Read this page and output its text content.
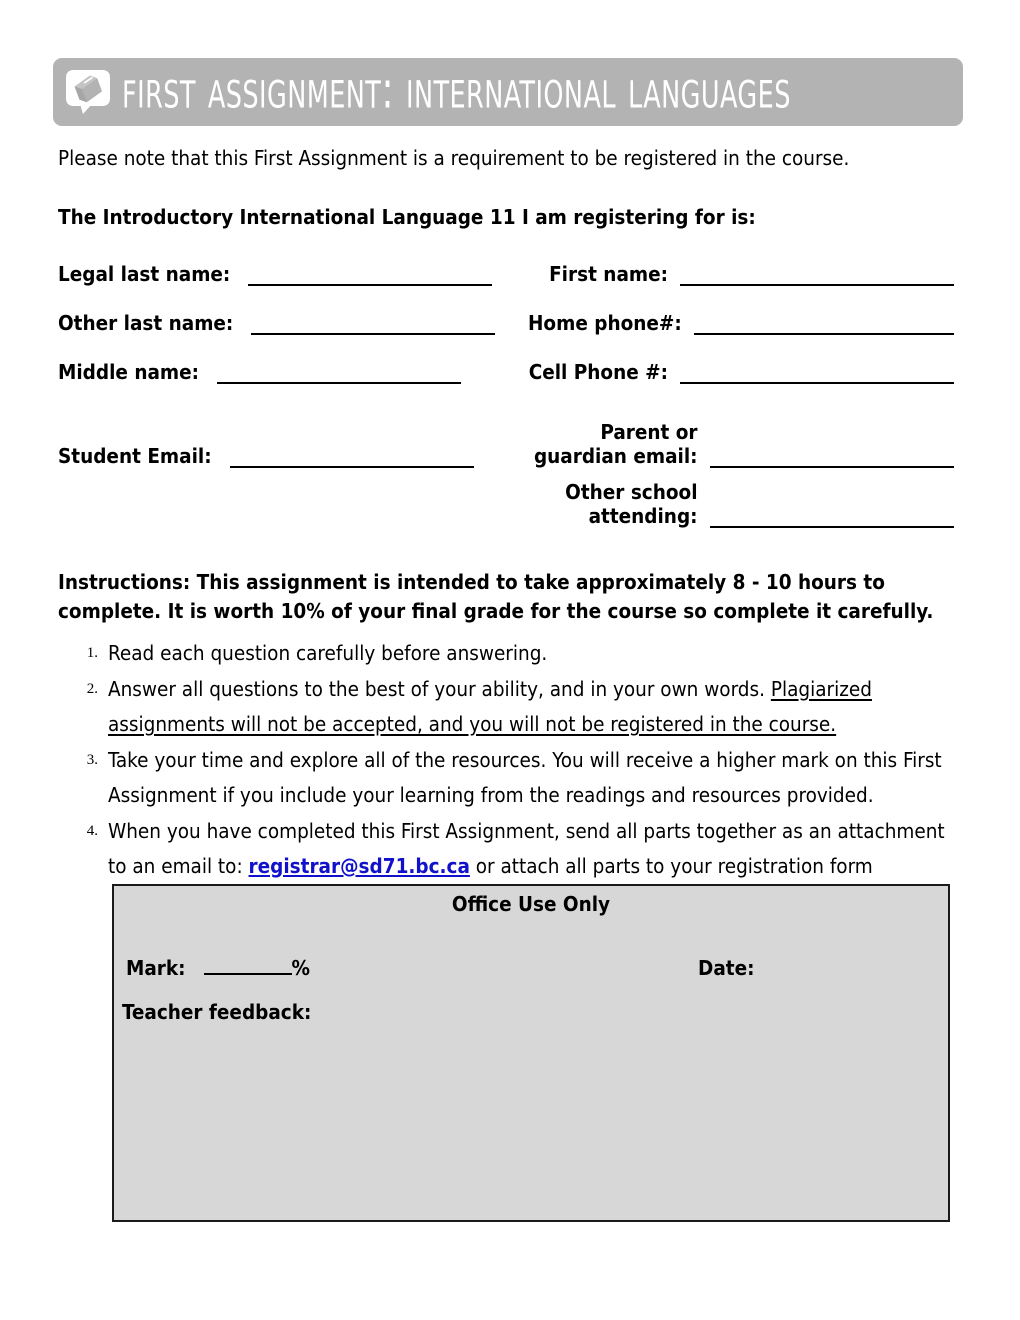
first assignment: international languages
Please note that this First Assignment is a requirement to be registered in the course.
The Introductory International Language 11 I am registering for is:
Legal last name:	First name:
Other last name:	Home phone#:
Middle name:	Cell Phone #:
Student Email:
Parent or guardian email:
Other school attending:
Instructions: This assignment is intended to take approximately 8 - 10 hours to complete. It is worth 10% of your final grade for the course so complete it carefully.
1. Read each question carefully before answering.
2. Answer all questions to the best of your ability, and in your own words. Plagiarized assignments will not be accepted, and you will not be registered in the course.
3. Take your time and explore all of the resources. You will receive a higher mark on this First Assignment if you include your learning from the readings and resources provided.
4. When you have completed this First Assignment, send all parts together as an attachment to an email to: registrar@sd71.bc.ca or attach all parts to your registration form
Office Use Only
Mark:	%	Date:
Teacher feedback:
